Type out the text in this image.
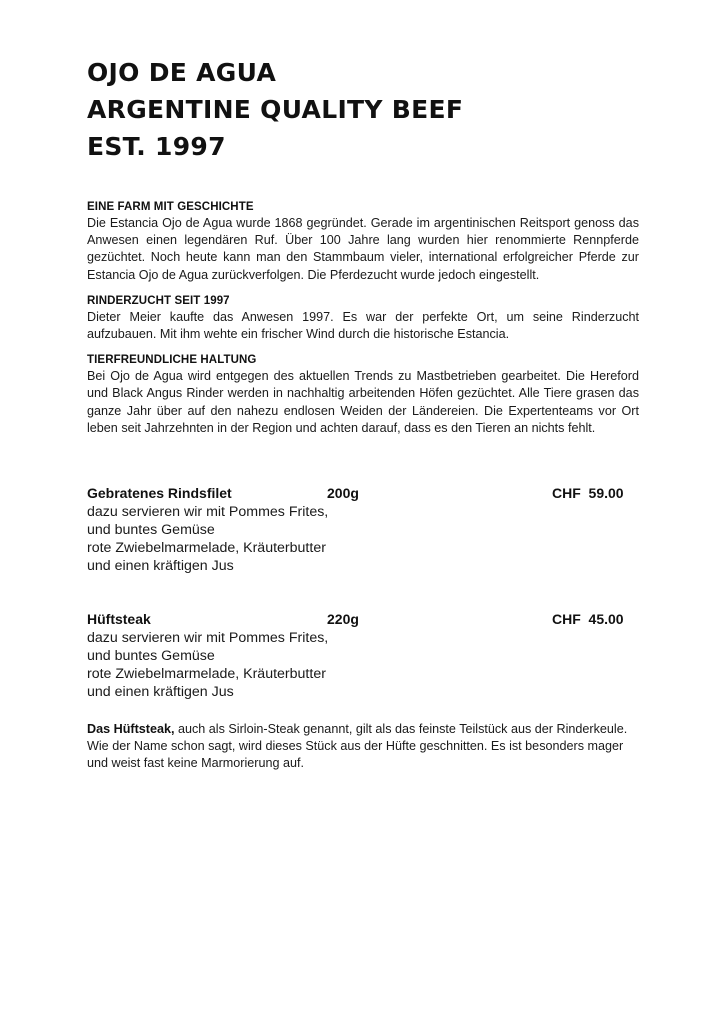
OJO DE AGUA
ARGENTINE QUALITY BEEF
EST. 1997
EINE FARM MIT GESCHICHTE
Die Estancia Ojo de Agua wurde 1868 gegründet. Gerade im argentinischen Reitsport genoss das Anwesen einen legendären Ruf. Über 100 Jahre lang wurden hier renommierte Rennpferde gezüchtet. Noch heute kann man den Stammbaum vieler, international erfolgreicher Pferde zur Estancia Ojo de Agua zurückverfolgen. Die Pferdezucht wurde jedoch eingestellt.
RINDERZUCHT SEIT 1997
Dieter Meier kaufte das Anwesen 1997. Es war der perfekte Ort, um seine Rinderzucht aufzubauen. Mit ihm wehte ein frischer Wind durch die historische Estancia.
TIERFREUNDLICHE HALTUNG
Bei Ojo de Agua wird entgegen des aktuellen Trends zu Mastbetrieben gearbeitet. Die Hereford und Black Angus Rinder werden in nachhaltig arbeitenden Höfen gezüchtet. Alle Tiere grasen das ganze Jahr über auf den nahezu endlosen Weiden der Ländereien. Die Expertenteams vor Ort leben seit Jahrzehnten in der Region und achten darauf, dass es den Tieren an nichts fehlt.
Gebratenes Rindsfilet	200g	CHF  59.00
dazu servieren wir mit Pommes Frites,
und buntes Gemüse
rote Zwiebelmarmelade, Kräuterbutter
und einen kräftigen Jus
Hüftsteak	220g	CHF  45.00
dazu servieren wir mit Pommes Frites,
und buntes Gemüse
rote Zwiebelmarmelade, Kräuterbutter
und einen kräftigen Jus
Das Hüftsteak, auch als Sirloin-Steak genannt, gilt als das feinste Teilstück aus der Rinderkeule. Wie der Name schon sagt, wird dieses Stück aus der Hüfte geschnitten. Es ist besonders mager und weist fast keine Marmorierung auf.
